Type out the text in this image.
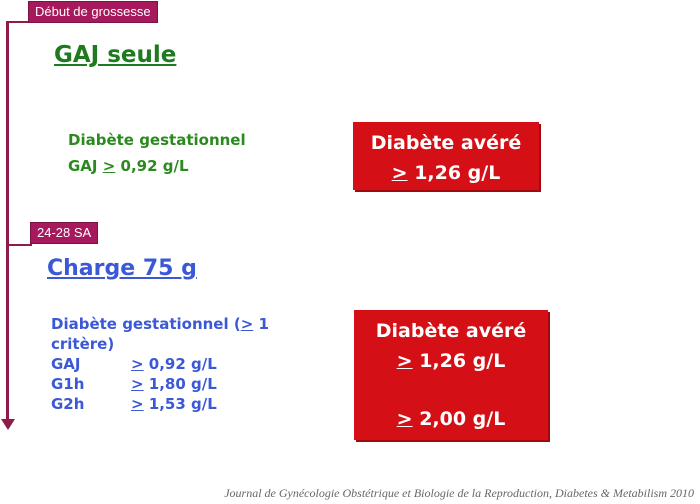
Début de grossesse
24-28 SA
GAJ seule
Diabète gestationnel
GAJ > 0,92 g/L
Diabète avéré
> 1,26 g/L
Charge 75 g
Diabète gestationnel (> 1
critère)
GAJ	> 0,92 g/L
G1h	> 1,80 g/L
G2h	> 1,53 g/L
Diabète avéré
> 1,26 g/L
> 2,00 g/L
Journal de Gynécologie Obstétrique et Biologie de la Reproduction, Diabetes & Metabilism 2010
